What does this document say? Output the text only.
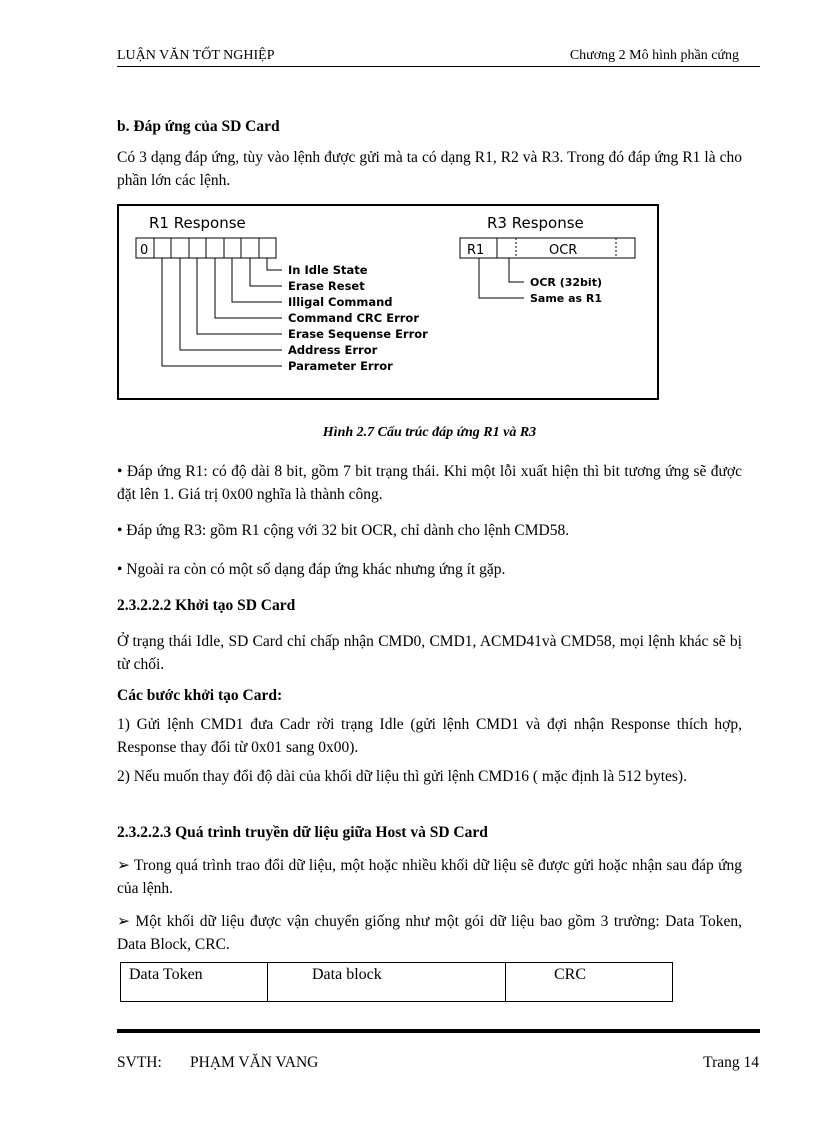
LUẬN VĂN TỐT NGHIỆP	Chương 2 Mô hình phần cứng
b. Đáp ứng của SD Card
Có 3 dạng đáp ứng, tùy vào lệnh được gửi mà ta có dạng R1, R2 và R3. Trong đó đáp ứng R1 là cho phần lớn các lệnh.
R1 Response
0
In Idle State
Erase Reset
Illigal Command
Command CRC Error
Erase Sequense Error
Address Error
Parameter Error
R3 Response
R1	OCR
OCR (32bit)
Same as R1
Hình 2.7 Cấu trúc đáp ứng R1 và R3
• Đáp ứng R1: có độ dài 8 bit, gồm 7 bit trạng thái. Khi một lỗi xuất hiện thì bit tương ứng sẽ được đặt lên 1. Giá trị 0x00 nghĩa là thành công.
• Đáp ứng R3: gồm R1 cộng với 32 bit OCR, chỉ dành cho lệnh CMD58.
• Ngoài ra còn có một số dạng đáp ứng khác nhưng ứng ít gặp.
2.3.2.2.2 Khởi tạo SD Card
Ở trạng thái Idle, SD Card chỉ chấp nhận CMD0, CMD1, ACMD41và CMD58, mọi lệnh khác sẽ bị từ chối.
Các bước khởi tạo Card:
1) Gửi lệnh CMD1 đưa Cadr rời trạng Idle (gửi lệnh CMD1 và đợi nhận Response thích hợp, Response thay đổi từ 0x01 sang 0x00).
2) Nếu muốn thay đổi độ dài của khối dữ liệu thì gửi lệnh CMD16 ( mặc định là 512 bytes).
2.3.2.2.3 Quá trình truyền dữ liệu giữa Host và SD Card
➢ Trong quá trình trao đổi dữ liệu, một hoặc nhiều khối dữ liệu sẽ được gửi hoặc nhận sau đáp ứng của lệnh.
➢ Một khối dữ liệu được vận chuyển giống như một gói dữ liệu bao gồm 3 trường: Data Token, Data Block, CRC.
Data Token	Data block	CRC
SVTH: PHẠM VĂN VANG	Trang 14
